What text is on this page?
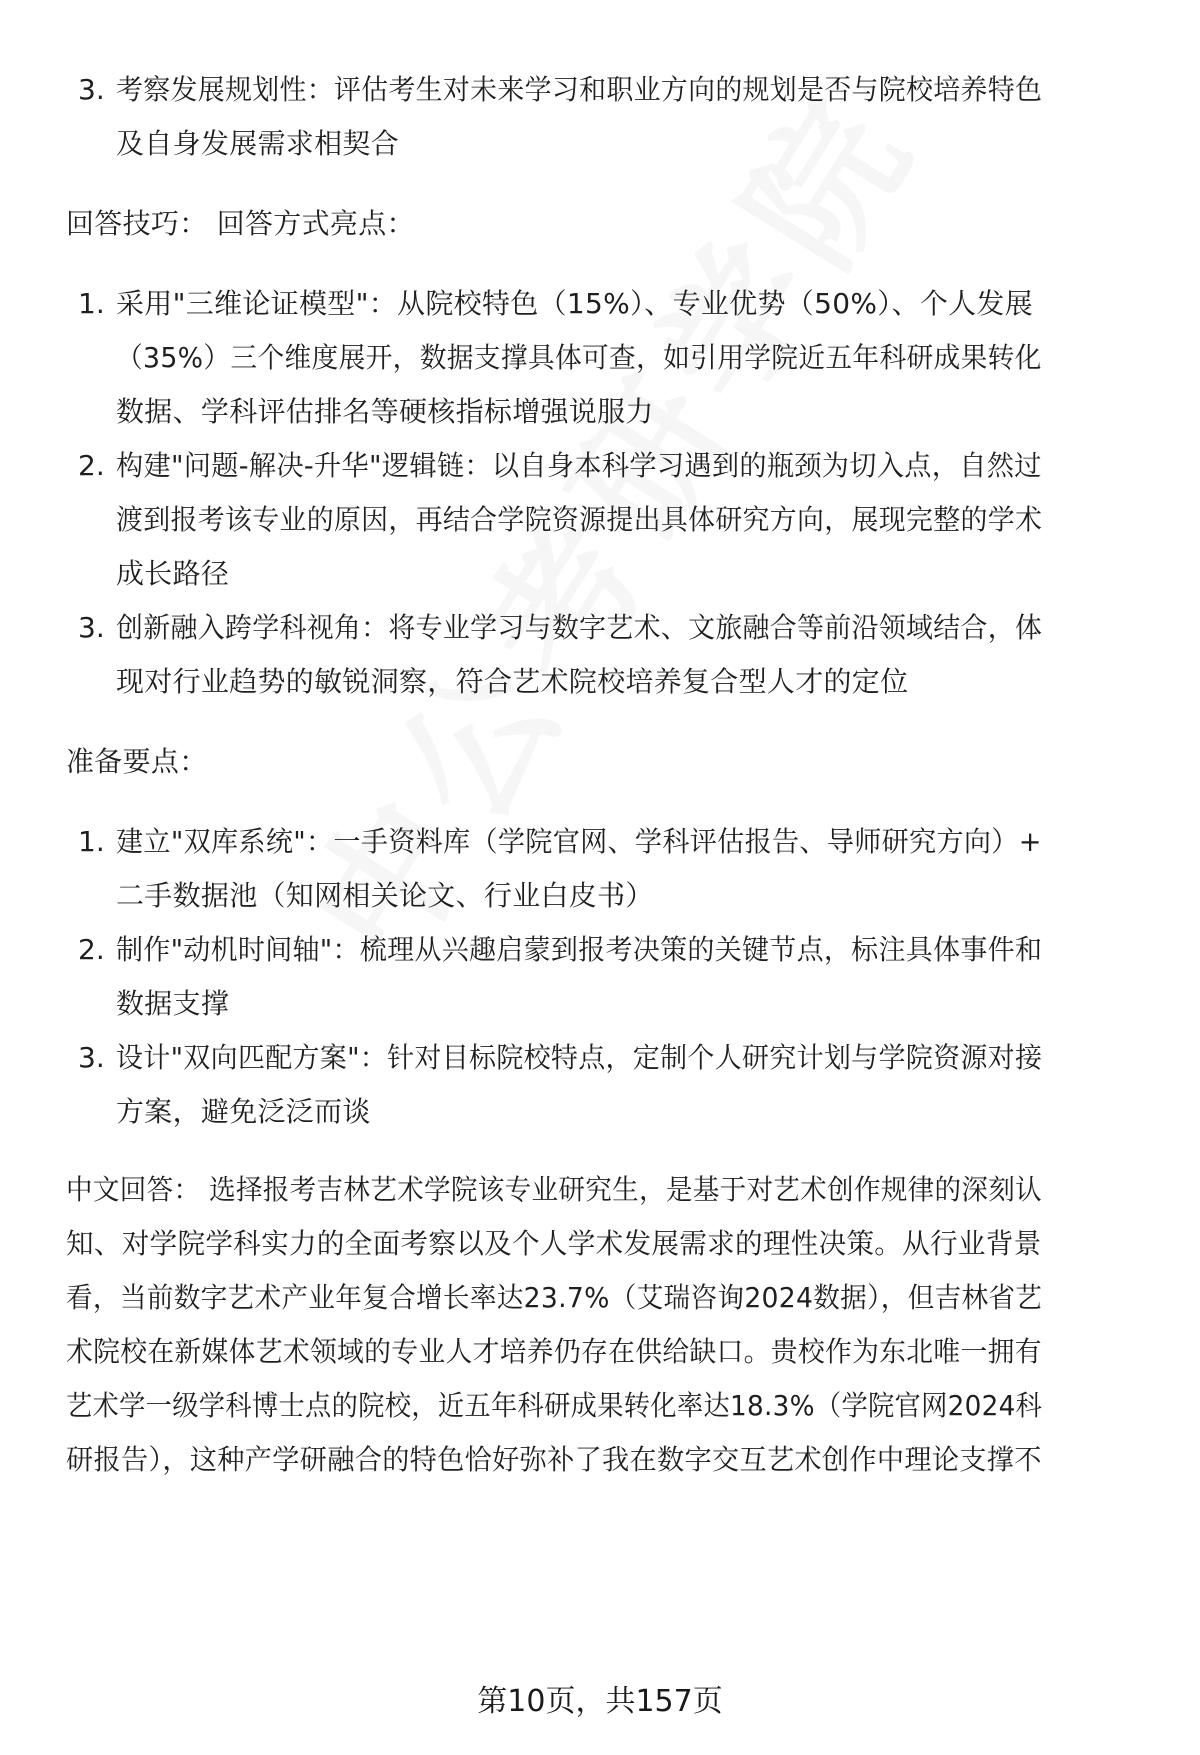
3. 考察发展规划性：评估考生对未来学习和职业方向的规划是否与院校培养特色

及自身发展需求相契合

回答技巧： 回答方式亮点：

1. 采用"三维论证模型"：从院校特色（15%）、专业优势（50%）、个人发展

（35%）三个维度展开，数据支撑具体可查，如引用学院近五年科研成果转化

数据、学科评估排名等硬核指标增强说服力

2. 构建"问题-解决-升华"逻辑链：以自身本科学习遇到的瓶颈为切入点，自然过

渡到报考该专业的原因，再结合学院资源提出具体研究方向，展现完整的学术

成长路径

3. 创新融入跨学科视角：将专业学习与数字艺术、文旅融合等前沿领域结合，体

现对行业趋势的敏锐洞察，符合艺术院校培养复合型人才的定位

准备要点：

1. 建立"双库系统"：一手资料库（学院官网、学科评估报告、导师研究方向）+

二手数据池（知网相关论文、行业白皮书）

2. 制作"动机时间轴"：梳理从兴趣启蒙到报考决策的关键节点，标注具体事件和

数据支撑

3. 设计"双向匹配方案"：针对目标院校特点，定制个人研究计划与学院资源对接

方案，避免泛泛而谈

中文回答： 选择报考吉林艺术学院该专业研究生，是基于对艺术创作规律的深刻认

知、对学院学科实力的全面考察以及个人学术发展需求的理性决策。从行业背景

看，当前数字艺术产业年复合增长率达23.7%（艾瑞咨询2024数据），但吉林省艺

术院校在新媒体艺术领域的专业人才培养仍存在供给缺口。贵校作为东北唯一拥有

艺术学一级学科博士点的院校，近五年科研成果转化率达18.3%（学院官网2024科

研报告），这种产学研融合的特色恰好弥补了我在数字交互艺术创作中理论支撑不

第10页，共157页
